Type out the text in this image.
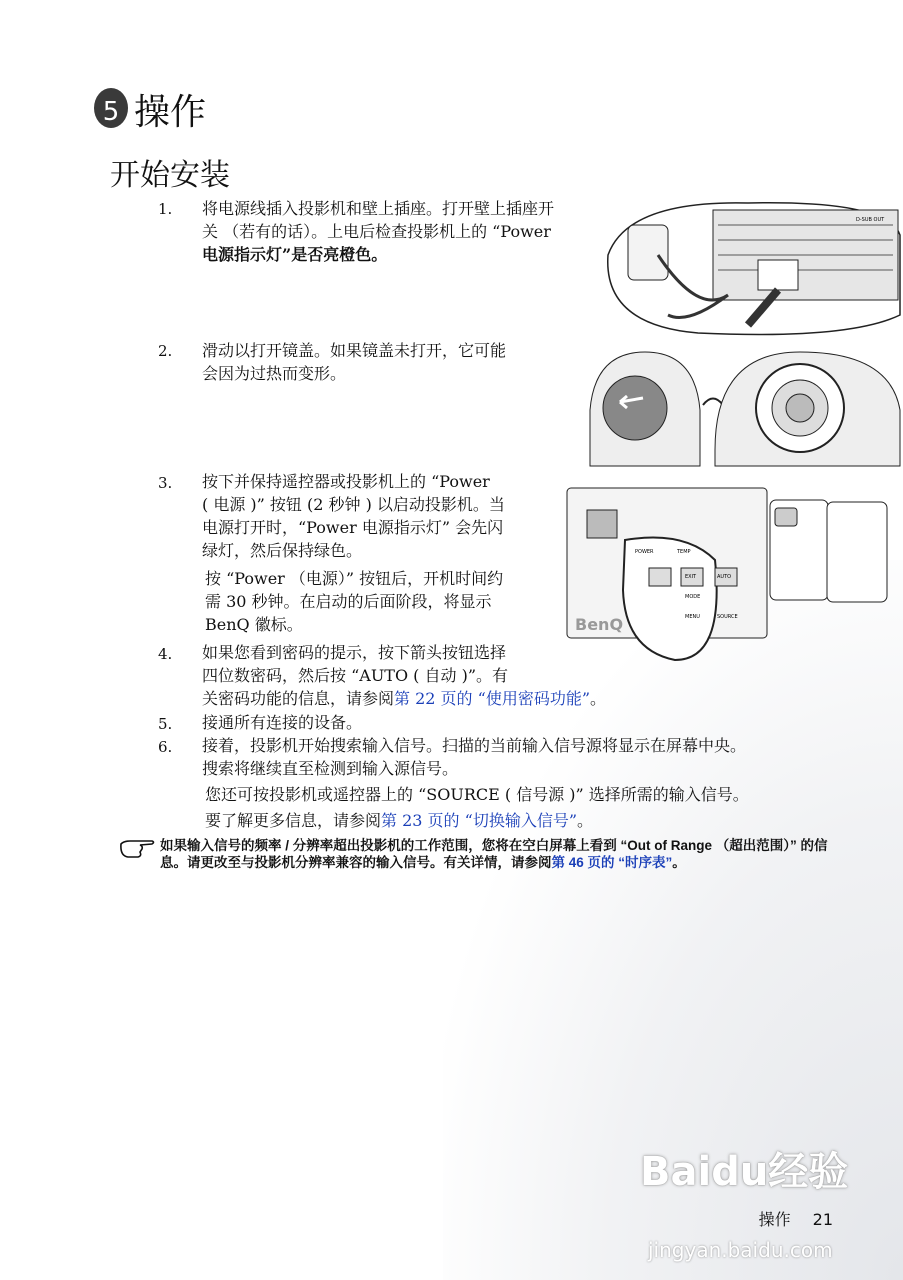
5 操作
开始安装
1. 将电源线插入投影机和壁上插座。打开壁上插座开
关 （若有的话）。上电后检查投影机上的 “Power
电源指示灯”是否亮橙色。
2. 滑动以打开镜盖。如果镜盖未打开，它可能
会因为过热而变形。
3. 按下并保持遥控器或投影机上的 “Power
( 电源 )” 按钮 (2 秒钟 ) 以启动投影机。当
电源打开时，“Power 电源指示灯” 会先闪
绿灯，然后保持绿色。
按 “Power （电源）” 按钮后，开机时间约
需 30 秒钟。在启动的后面阶段，将显示
BenQ 徽标。
4. 如果您看到密码的提示，按下箭头按钮选择
四位数密码，然后按 “AUTO ( 自动 )”。有
关密码功能的信息，请参阅第 22 页的 “使用密码功能”。
5. 接通所有连接的设备。
6. 接着，投影机开始搜索输入信号。扫描的当前输入信号源将显示在屏幕中央。
搜索将继续直至检测到输入源信号。
您还可按投影机或遥控器上的 “SOURCE ( 信号源 )” 选择所需的输入信号。
要了解更多信息，请参阅第 23 页的 “切换输入信号”。
如果输入信号的频率 / 分辨率超出投影机的工作范围，您将在空白屏幕上看到 “Out of Range （超出范围）” 的信息。请更改至与投影机分辨率兼容的输入信号。有关详情，请参阅第 46 页的 “时序表”。
D-SUB OUT
POWER	TEMP
EXIT	AUTO
MODE
MENU	SOURCE
BenQ
Baidu经验
jingyan.baidu.com
操作 21
